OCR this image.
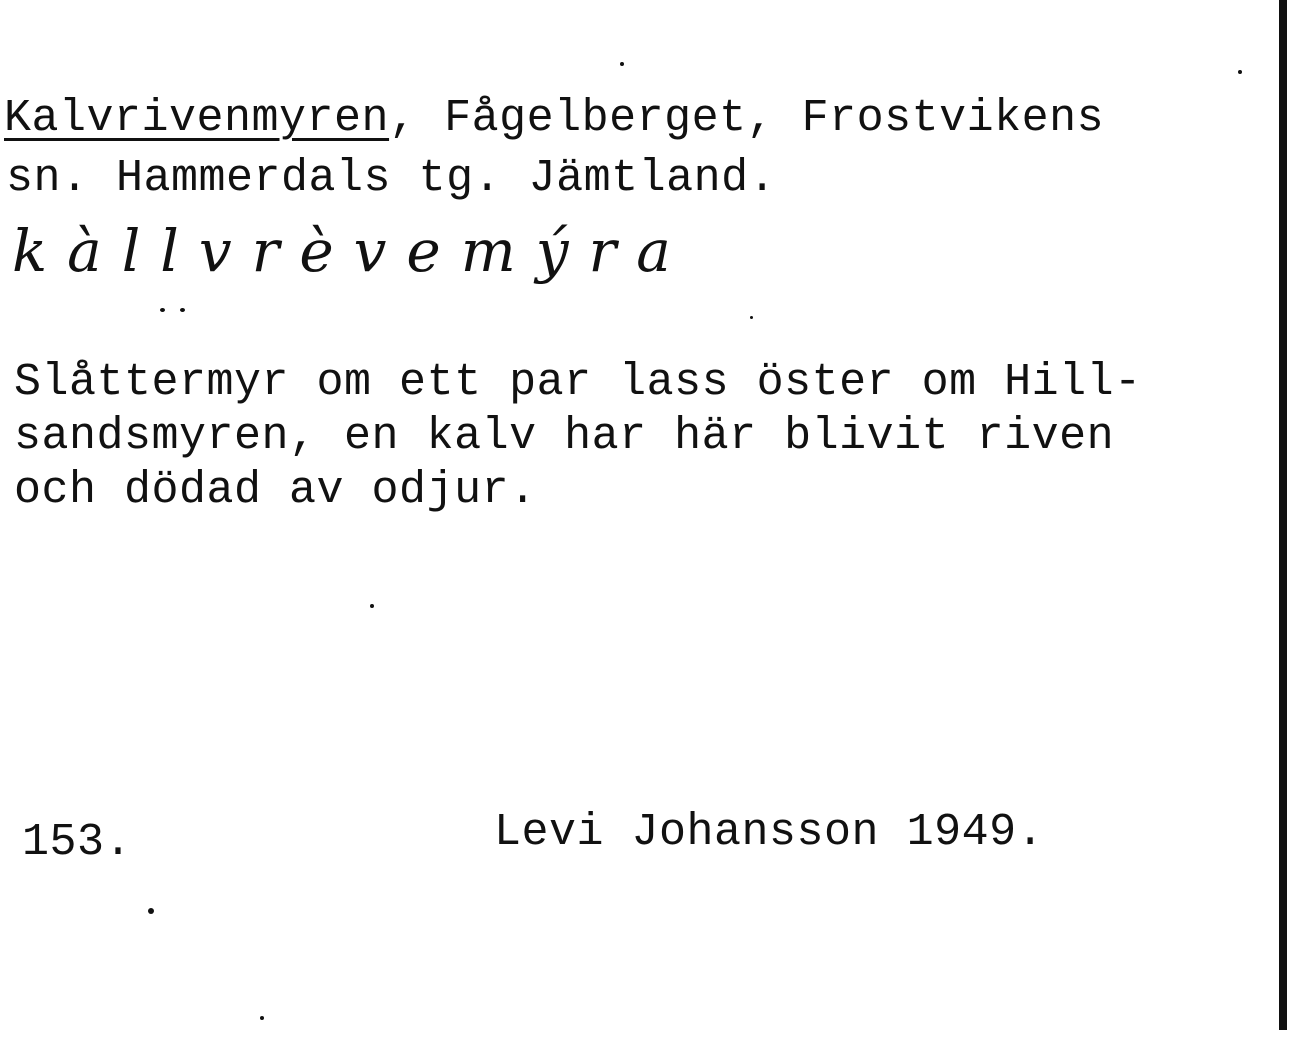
Kalvrivenmyren, Fågelberget, Frostvikens
sn. Hammerdals tg. Jämtland.
kàllvrèvemýra
Slåttermyr om ett par lass öster om Hill-
sandsmyren, en kalv har här blivit riven
och dödad av odjur.
153.	Levi Johansson 1949.
